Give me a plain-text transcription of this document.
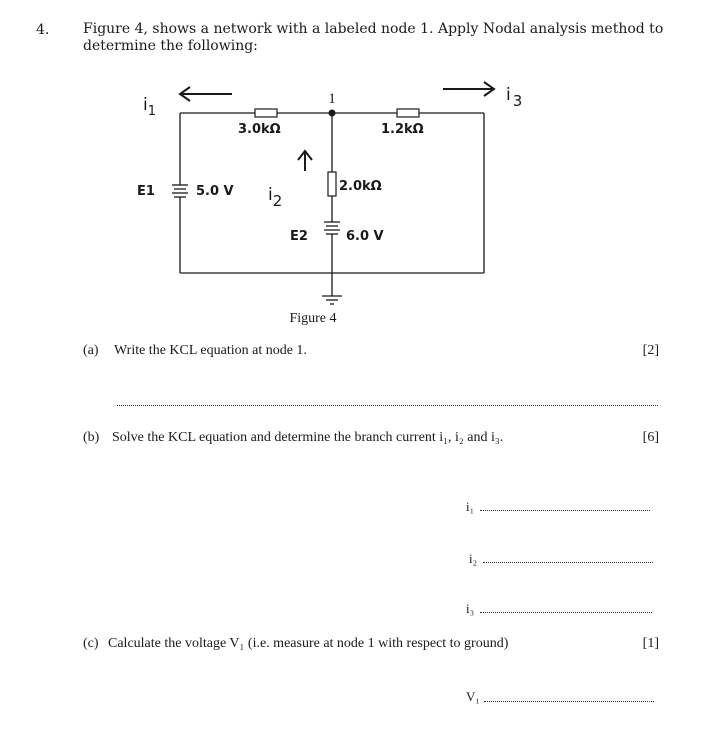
4. Figure 4, shows a network with a labeled node 1. Apply Nodal analysis method to determine the following:
1
3.0kΩ	1.2kΩ
2.0kΩ
E1	5.0 V
E2	6.0 V
$i_1$
i2
i 3
Figure 4
(a) Write the KCL equation at node 1.	[2]
(b) Solve the KCL equation and determine the branch current i₁, i₂ and i₃.	[6]
i₁
i₂
i₃
(c) Calculate the voltage V₁ (i.e. measure at node 1 with respect to ground)	[1]
V₁
